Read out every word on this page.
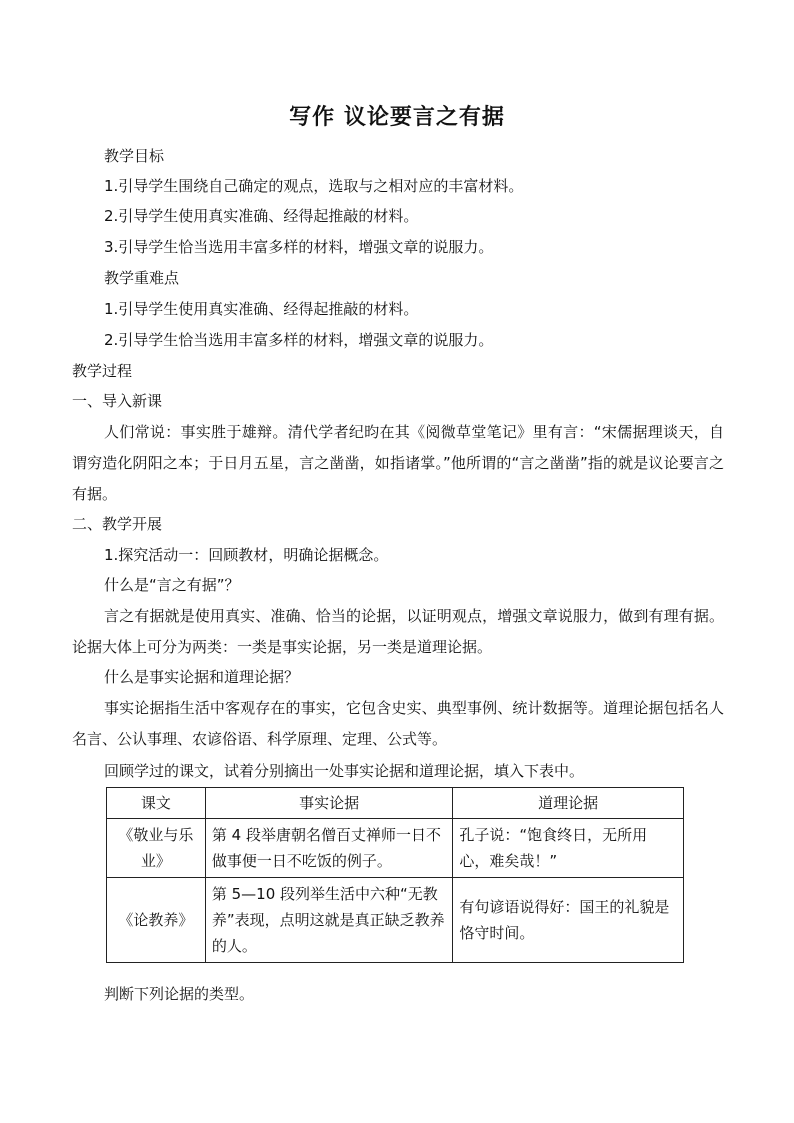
写作 议论要言之有据
教学目标
1.引导学生围绕自己确定的观点，选取与之相对应的丰富材料。
2.引导学生使用真实准确、经得起推敲的材料。
3.引导学生恰当选用丰富多样的材料，增强文章的说服力。
教学重难点
1.引导学生使用真实准确、经得起推敲的材料。
2.引导学生恰当选用丰富多样的材料，增强文章的说服力。
教学过程
一、导入新课
人们常说：事实胜于雄辩。清代学者纪昀在其《阅微草堂笔记》里有言：“宋儒据理谈天，自谓穷造化阴阳之本；于日月五星，言之凿凿，如指诸掌。”他所谓的“言之凿凿”指的就是议论要言之有据。
二、教学开展
1.探究活动一：回顾教材，明确论据概念。
什么是“言之有据”？
言之有据就是使用真实、准确、恰当的论据，以证明观点，增强文章说服力，做到有理有据。论据大体上可分为两类：一类是事实论据，另一类是道理论据。
什么是事实论据和道理论据？
事实论据指生活中客观存在的事实，它包含史实、典型事例、统计数据等。道理论据包括名人名言、公认事理、农谚俗语、科学原理、定理、公式等。
回顾学过的课文，试着分别摘出一处事实论据和道理论据，填入下表中。
课文	事实论据	道理论据
《敬业与乐业》	第 4 段举唐朝名僧百丈禅师一日不做事便一日不吃饭的例子。	孔子说：“饱食终日，无所用心，难矣哉！”
《论教养》	第 5—10 段列举生活中六种“无教养”表现，点明这就是真正缺乏教养的人。	有句谚语说得好：国王的礼貌是恪守时间。
判断下列论据的类型。
